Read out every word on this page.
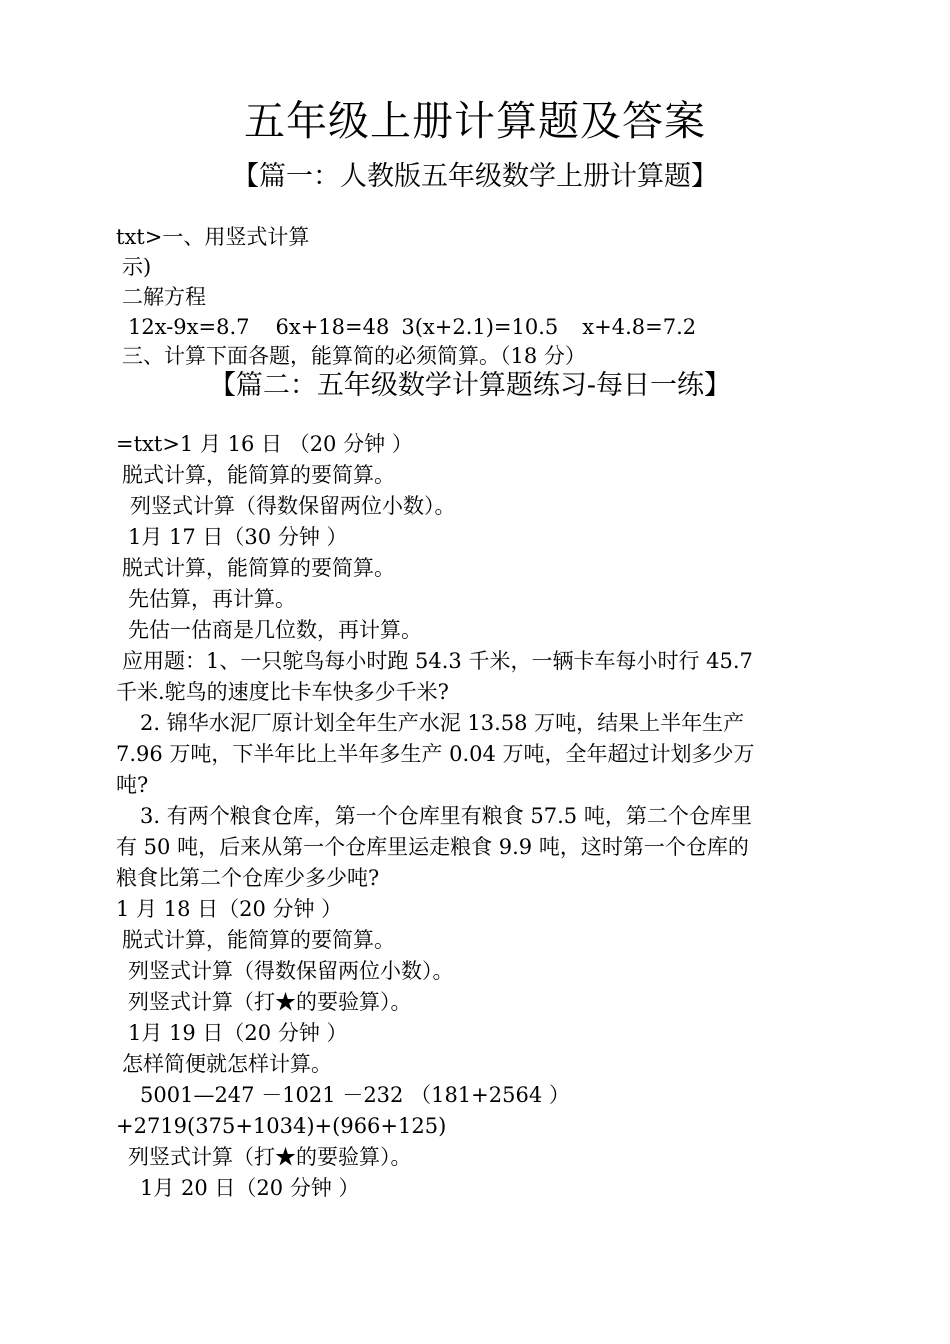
五年级上册计算题及答案
【篇一：人教版五年级数学上册计算题】
txt>一、用竖式计算
示)
二解方程
12x-9x=8.7 6x+18=48 3(x+2.1)=10.5 x+4.8=7.2
三、计算下面各题，能算简的必须简算。（18 分）
【篇二：五年级数学计算题练习-每日一练】
=txt>1 月 16 日 （20 分钟 ）
脱式计算，能简算的要简算。
列竖式计算（得数保留两位小数）。
1月 17 日（30 分钟 ）
脱式计算，能简算的要简算。
先估算，再计算。
先估一估商是几位数，再计算。
应用题：1、一只鸵鸟每小时跑 54.3 千米，一辆卡车每小时行 45.7
千米.鸵鸟的速度比卡车快多少千米?
2. 锦华水泥厂原计划全年生产水泥 13.58 万吨，结果上半年生产
7.96 万吨，下半年比上半年多生产 0.04 万吨，全年超过计划多少万
吨?
3. 有两个粮食仓库，第一个仓库里有粮食 57.5 吨，第二个仓库里
有 50 吨，后来从第一个仓库里运走粮食 9.9 吨，这时第一个仓库的
粮食比第二个仓库少多少吨?
1 月 18 日（20 分钟 ）
脱式计算，能简算的要简算。
列竖式计算（得数保留两位小数）。
列竖式计算（打★的要验算）。
1月 19 日（20 分钟 ）
怎样简便就怎样计算。
5001—247 －1021 －232 （181+2564 ）
+2719(375+1034)+(966+125)
列竖式计算（打★的要验算）。
1月 20 日（20 分钟 ）
